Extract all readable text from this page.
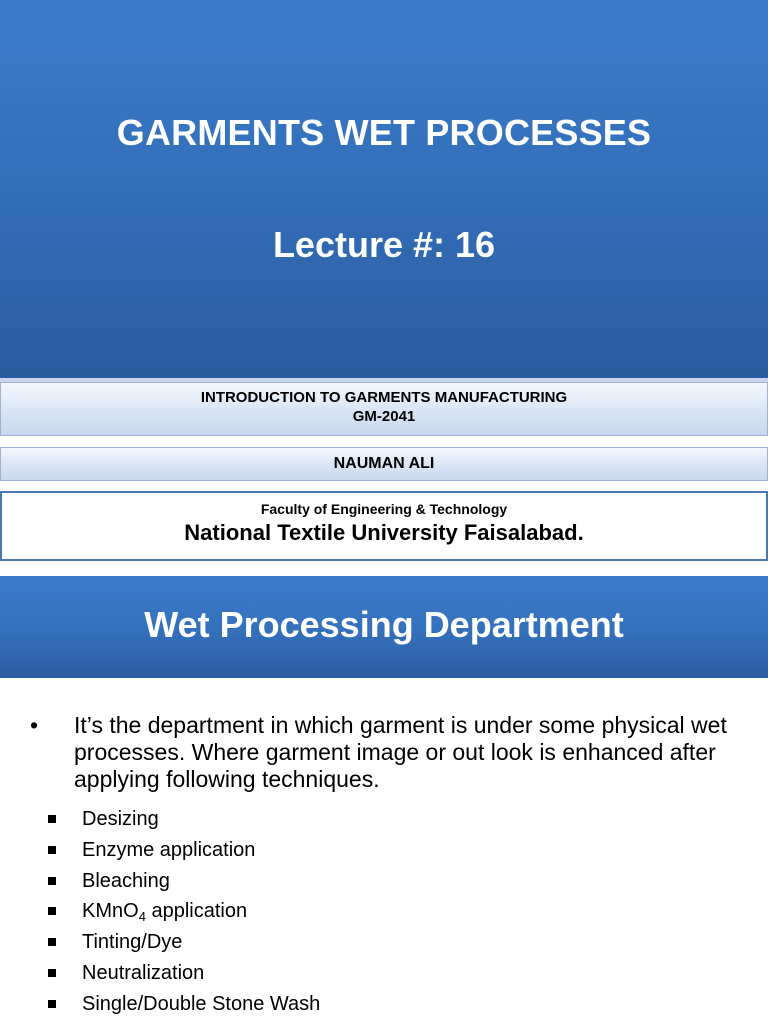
GARMENTS WET PROCESSES
Lecture #: 16
INTRODUCTION TO GARMENTS MANUFACTURING
GM-2041
NAUMAN ALI
Faculty of Engineering & Technology
National Textile University Faisalabad.
Wet Processing Department
• It’s the department in which garment is under some physical wet processes. Where garment image or out look is enhanced after applying following techniques.
Desizing
Enzyme application
Bleaching
KMnO$_4$ application
Tinting/Dye
Neutralization
Single/Double Stone Wash
